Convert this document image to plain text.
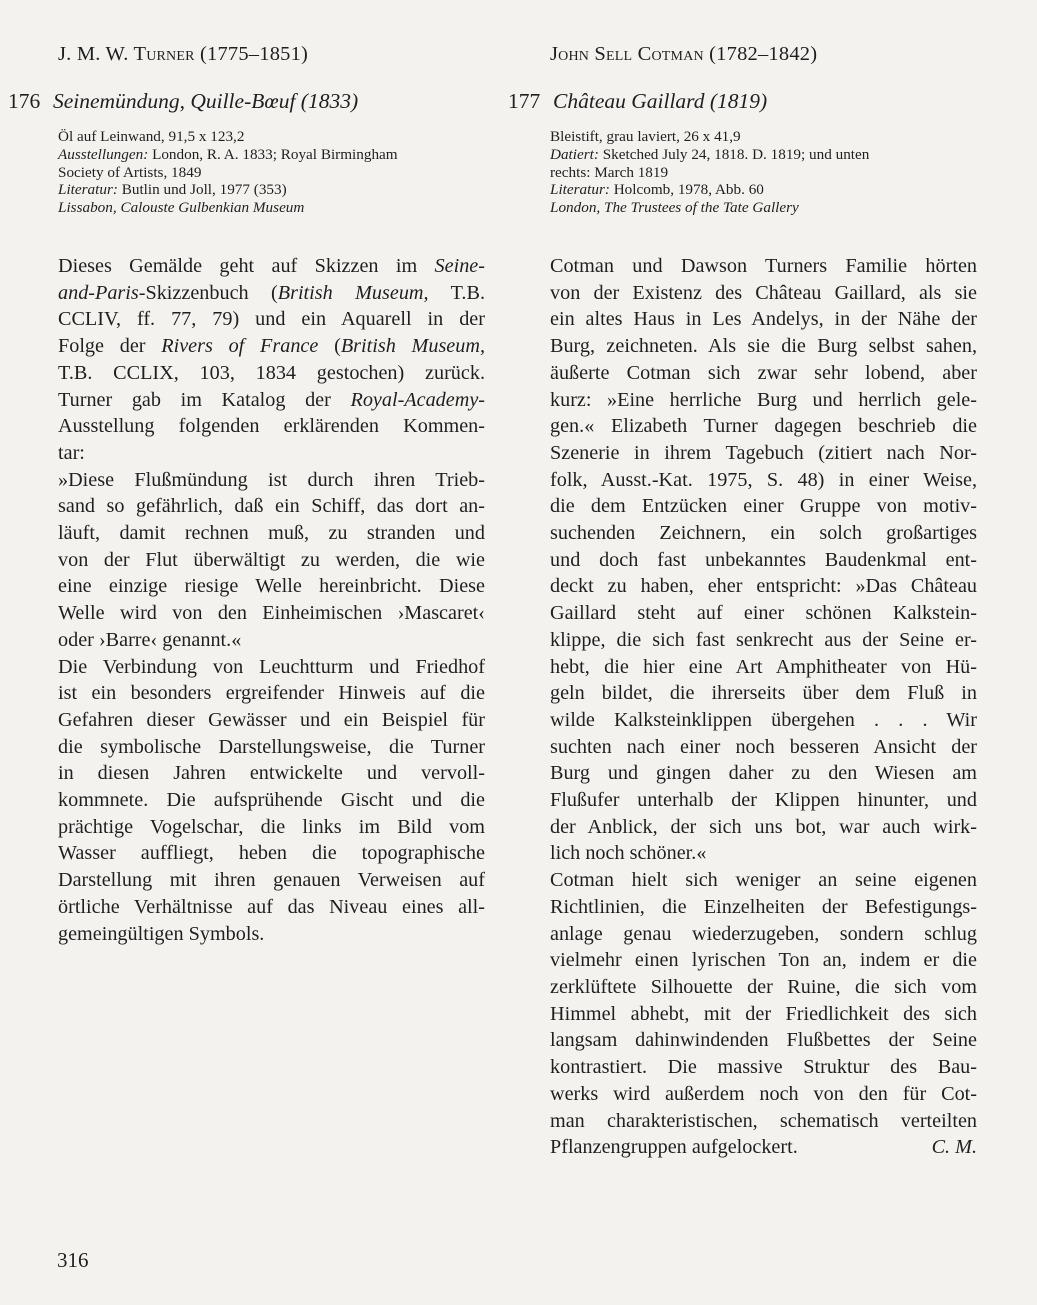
J. M. W. Turner (1775–1851)
176 Seinemündung, Quille-Bœuf (1833)
Öl auf Leinwand, 91,5 x 123,2
Ausstellungen: London, R. A. 1833; Royal Birmingham
Society of Artists, 1849
Literatur: Butlin und Joll, 1977 (353)
Lissabon, Calouste Gulbenkian Museum
Dieses Gemälde geht auf Skizzen im Seine-
and-Paris-Skizzenbuch (British Museum, T.B.
CCLIV, ff. 77, 79) und ein Aquarell in der
Folge der Rivers of France (British Museum,
T.B. CCLIX, 103, 1834 gestochen) zurück.
Turner gab im Katalog der Royal-Academy-
Ausstellung folgenden erklärenden Kommen-
tar:
»Diese Flußmündung ist durch ihren Trieb-
sand so gefährlich, daß ein Schiff, das dort an-
läuft, damit rechnen muß, zu stranden und
von der Flut überwältigt zu werden, die wie
eine einzige riesige Welle hereinbricht. Diese
Welle wird von den Einheimischen ›Mascaret‹
oder ›Barre‹ genannt.«
Die Verbindung von Leuchtturm und Friedhof
ist ein besonders ergreifender Hinweis auf die
Gefahren dieser Gewässer und ein Beispiel für
die symbolische Darstellungsweise, die Turner
in diesen Jahren entwickelte und vervoll-
kommnete. Die aufsprühende Gischt und die
prächtige Vogelschar, die links im Bild vom
Wasser auffliegt, heben die topographische
Darstellung mit ihren genauen Verweisen auf
örtliche Verhältnisse auf das Niveau eines all-
gemeingültigen Symbols.
John Sell Cotman (1782–1842)
177 Château Gaillard (1819)
Bleistift, grau laviert, 26 x 41,9
Datiert: Sketched July 24, 1818. D. 1819; und unten
rechts: March 1819
Literatur: Holcomb, 1978, Abb. 60
London, The Trustees of the Tate Gallery
Cotman und Dawson Turners Familie hörten
von der Existenz des Château Gaillard, als sie
ein altes Haus in Les Andelys, in der Nähe der
Burg, zeichneten. Als sie die Burg selbst sahen,
äußerte Cotman sich zwar sehr lobend, aber
kurz: »Eine herrliche Burg und herrlich gele-
gen.« Elizabeth Turner dagegen beschrieb die
Szenerie in ihrem Tagebuch (zitiert nach Nor-
folk, Ausst.-Kat. 1975, S. 48) in einer Weise,
die dem Entzücken einer Gruppe von motiv-
suchenden Zeichnern, ein solch großartiges
und doch fast unbekanntes Baudenkmal ent-
deckt zu haben, eher entspricht: »Das Château
Gaillard steht auf einer schönen Kalkstein-
klippe, die sich fast senkrecht aus der Seine er-
hebt, die hier eine Art Amphitheater von Hü-
geln bildet, die ihrerseits über dem Fluß in
wilde Kalksteinklippen übergehen . . . Wir
suchten nach einer noch besseren Ansicht der
Burg und gingen daher zu den Wiesen am
Flußufer unterhalb der Klippen hinunter, und
der Anblick, der sich uns bot, war auch wirk-
lich noch schöner.«
Cotman hielt sich weniger an seine eigenen
Richtlinien, die Einzelheiten der Befestigungs-
anlage genau wiederzugeben, sondern schlug
vielmehr einen lyrischen Ton an, indem er die
zerklüftete Silhouette der Ruine, die sich vom
Himmel abhebt, mit der Friedlichkeit des sich
langsam dahinwindenden Flußbettes der Seine
kontrastiert. Die massive Struktur des Bau-
werks wird außerdem noch von den für Cot-
man charakteristischen, schematisch verteilten
Pflanzengruppen aufgelockert.	C. M.
316
